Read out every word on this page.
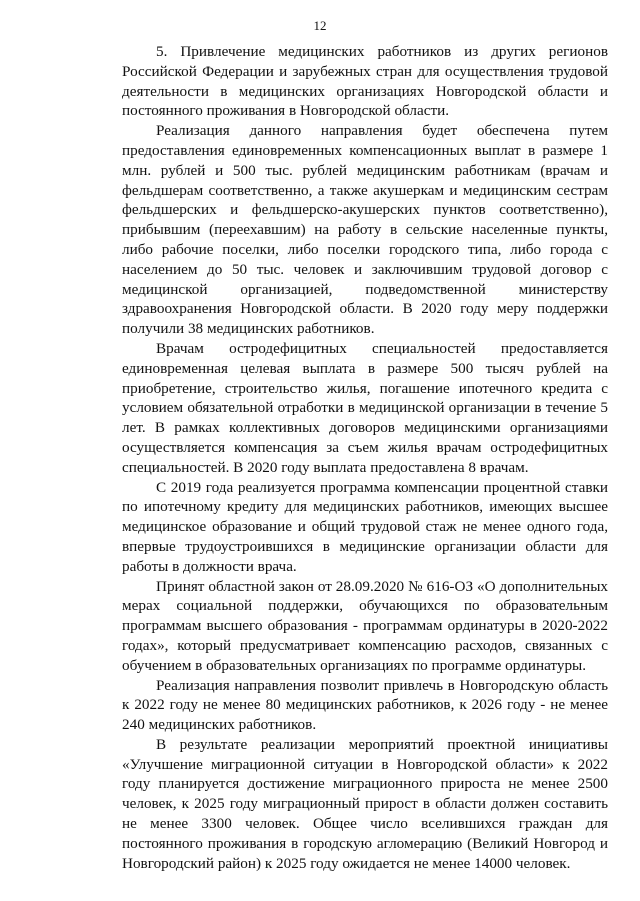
12

5. Привлечение медицинских работников из других регионов Российской Федерации и зарубежных стран для осуществления трудовой деятельности в медицинских организациях Новгородской области и постоянного проживания в Новгородской области.

Реализация данного направления будет обеспечена путем предоставления единовременных компенсационных выплат в размере 1 млн. рублей и 500 тыс. рублей медицинским работникам (врачам и фельдшерам соответственно, а также акушеркам и медицинским сестрам фельдшерских и фельдшерско-акушерских пунктов соответственно), прибывшим (переехавшим) на работу в сельские населенные пункты, либо рабочие поселки, либо поселки городского типа, либо города с населением до 50 тыс. человек и заключившим трудовой договор с медицинской организацией, подведомственной министерству здравоохранения Новгородской области. В 2020 году меру поддержки получили 38 медицинских работников.

Врачам остродефицитных специальностей предоставляется единовременная целевая выплата в размере 500 тысяч рублей на приобретение, строительство жилья, погашение ипотечного кредита с условием обязательной отработки в медицинской организации в течение 5 лет. В рамках коллективных договоров медицинскими организациями осуществляется компенсация за съем жилья врачам остродефицитных специальностей. В 2020 году выплата предоставлена 8 врачам.

С 2019 года реализуется программа компенсации процентной ставки по ипотечному кредиту для медицинских работников, имеющих высшее медицинское образование и общий трудовой стаж не менее одного года, впервые трудоустроившихся в медицинские организации области для работы в должности врача.

Принят областной закон от 28.09.2020 № 616-ОЗ «О дополнительных мерах социальной поддержки, обучающихся по образовательным программам высшего образования - программам ординатуры в 2020-2022 годах», который предусматривает компенсацию расходов, связанных с обучением в образовательных организациях по программе ординатуры.

Реализация направления позволит привлечь в Новгородскую область к 2022 году не менее 80 медицинских работников, к 2026 году - не менее 240 медицинских работников.

В результате реализации мероприятий проектной инициативы «Улучшение миграционной ситуации в Новгородской области» к 2022 году планируется достижение миграционного прироста не менее 2500 человек, к 2025 году миграционный прирост в области должен составить не менее 3300 человек. Общее число вселившихся граждан для постоянного проживания в городскую агломерацию (Великий Новгород и Новгородский район) к 2025 году ожидается не менее 14000 человек.
